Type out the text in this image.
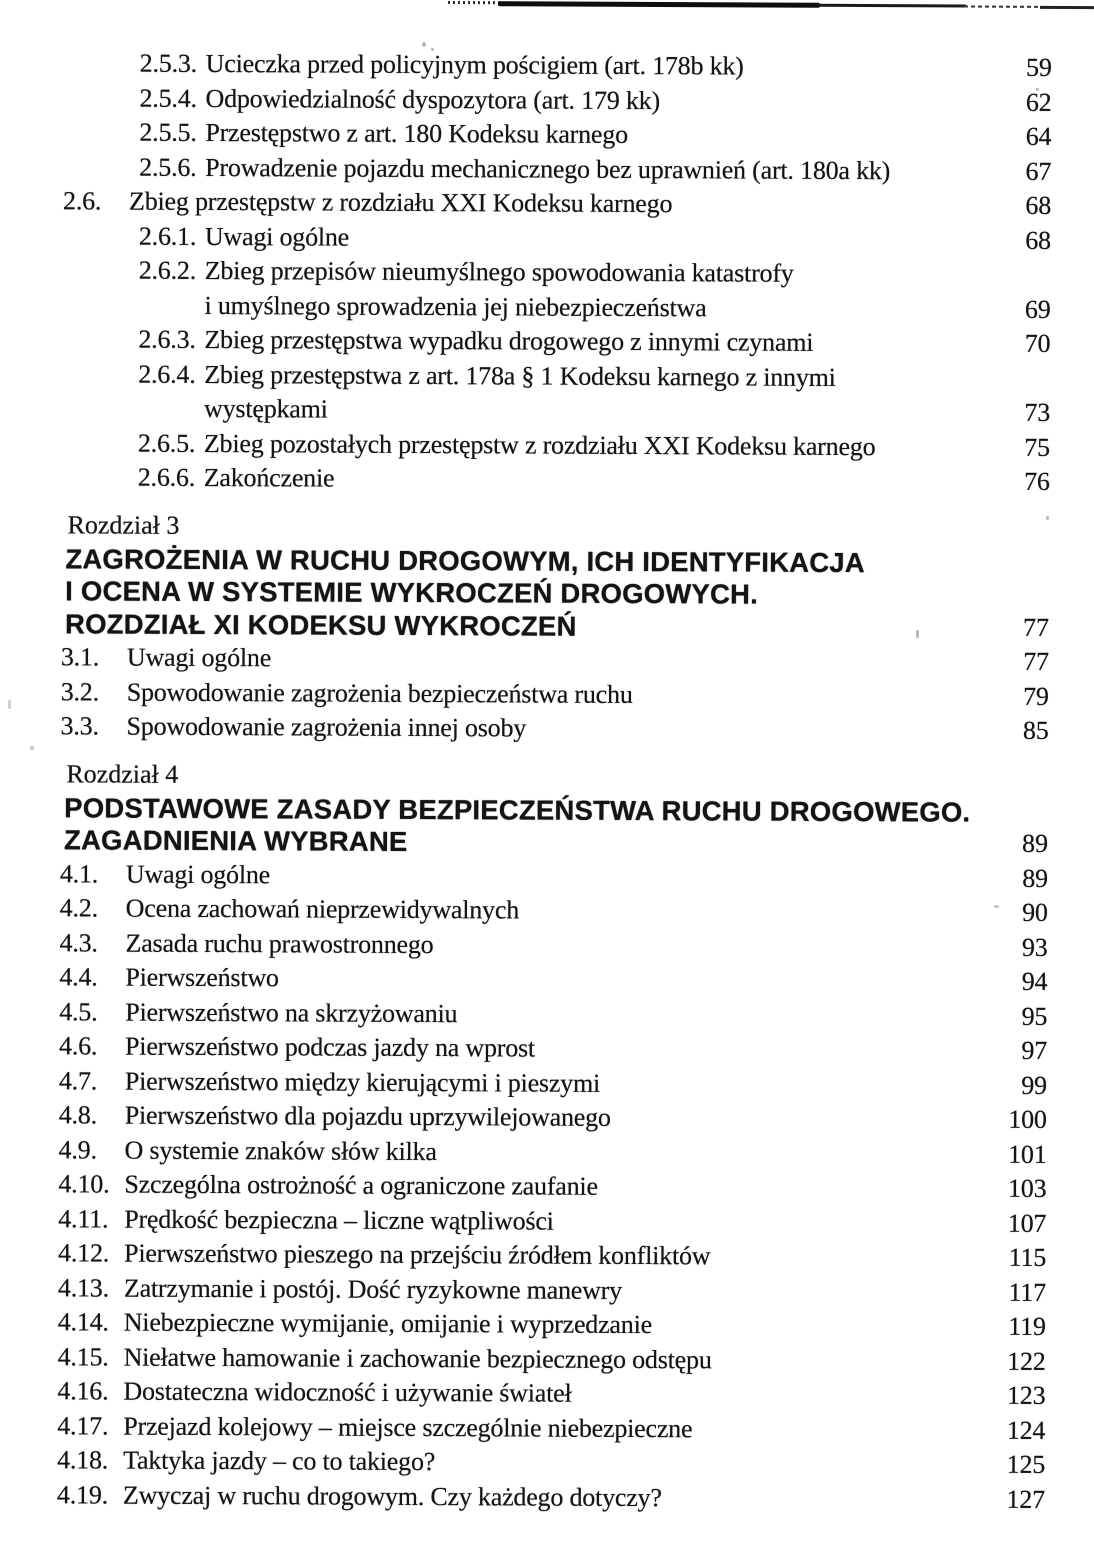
2.5.3. Ucieczka przed policyjnym pościgiem (art. 178b kk)	59
2.5.4. Odpowiedzialność dyspozytora (art. 179 kk)	62
2.5.5. Przestępstwo z art. 180 Kodeksu karnego	64
2.5.6. Prowadzenie pojazdu mechanicznego bez uprawnień (art. 180a kk)	67
2.6.	Zbieg przestępstw z rozdziału XXI Kodeksu karnego	68
2.6.1. Uwagi ogólne	68
2.6.2. Zbieg przepisów nieumyślnego spowodowania katastrofy
i umyślnego sprowadzenia jej niebezpieczeństwa	69
2.6.3. Zbieg przestępstwa wypadku drogowego z innymi czynami	70
2.6.4. Zbieg przestępstwa z art. 178a § 1 Kodeksu karnego z innymi
występkami	73
2.6.5. Zbieg pozostałych przestępstw z rozdziału XXI Kodeksu karnego	75
2.6.6. Zakończenie	76
Rozdział 3
ZAGROŻENIA W RUCHU DROGOWYM, ICH IDENTYFIKACJA
I OCENA W SYSTEMIE WYKROCZEŃ DROGOWYCH.
ROZDZIAŁ XI KODEKSU WYKROCZEŃ	77
3.1.	Uwagi ogólne	77
3.2.	Spowodowanie zagrożenia bezpieczeństwa ruchu	79
3.3.	Spowodowanie zagrożenia innej osoby	85
Rozdział 4
PODSTAWOWE ZASADY BEZPIECZEŃSTWA RUCHU DROGOWEGO.
ZAGADNIENIA WYBRANE	89
4.1.	Uwagi ogólne	89
4.2.	Ocena zachowań nieprzewidywalnych	90
4.3.	Zasada ruchu prawostronnego	93
4.4.	Pierwszeństwo	94
4.5.	Pierwszeństwo na skrzyżowaniu	95
4.6.	Pierwszeństwo podczas jazdy na wprost	97
4.7.	Pierwszeństwo między kierującymi i pieszymi	99
4.8.	Pierwszeństwo dla pojazdu uprzywilejowanego	100
4.9.	O systemie znaków słów kilka	101
4.10. Szczególna ostrożność a ograniczone zaufanie	103
4.11. Prędkość bezpieczna – liczne wątpliwości	107
4.12. Pierwszeństwo pieszego na przejściu źródłem konfliktów	115
4.13. Zatrzymanie i postój. Dość ryzykowne manewry	117
4.14. Niebezpieczne wymijanie, omijanie i wyprzedzanie	119
4.15. Niełatwe hamowanie i zachowanie bezpiecznego odstępu	122
4.16. Dostateczna widoczność i używanie świateł	123
4.17. Przejazd kolejowy – miejsce szczególnie niebezpieczne	124
4.18. Taktyka jazdy – co to takiego?	125
4.19. Zwyczaj w ruchu drogowym. Czy każdego dotyczy?	127
